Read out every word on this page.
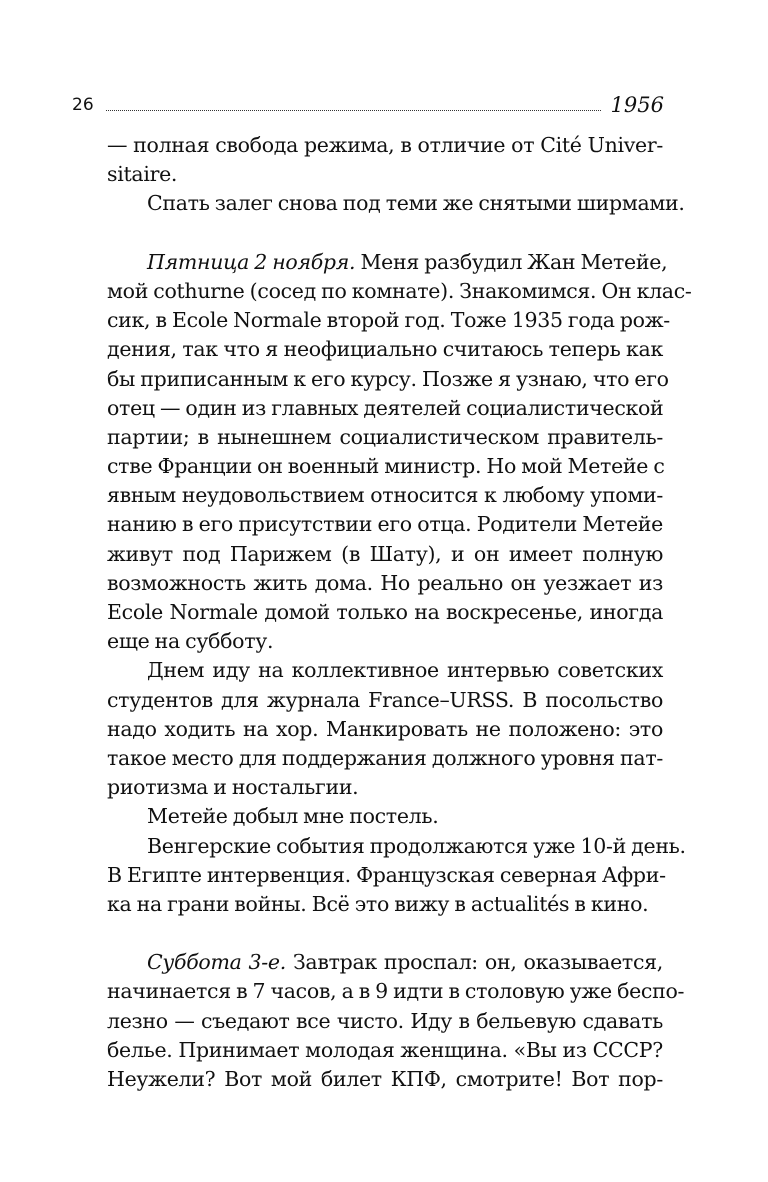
26	1956
— полная свобода режима, в отличие от Cité Univer-
sitaire.
Спать залег снова под теми же снятыми ширмами.
Пятница 2 ноября. Меня разбудил Жан Метейе,
мой cothurne (сосед по комнате). Знакомимся. Он клас-
сик, в Ecole Normale второй год. Тоже 1935 года рож-
дения, так что я неофициально считаюсь теперь как
бы приписанным к его курсу. Позже я узнаю, что его
отец — один из главных деятелей социалистической
партии; в нынешнем социалистическом правитель-
стве Франции он военный министр. Но мой Метейе с
явным неудовольствием относится к любому упоми-
нанию в его присутствии его отца. Родители Метейе
живут под Парижем (в Шату), и он имеет полную
возможность жить дома. Но реально он уезжает из
Ecole Normale домой только на воскресенье, иногда
еще на субботу.
Днем иду на коллективное интервью советских
студентов для журнала France–URSS. В посольство
надо ходить на хор. Манкировать не положено: это
такое место для поддержания должного уровня пат-
риотизма и ностальгии.
Метейе добыл мне постель.
Венгерские события продолжаются уже 10-й день.
В Египте интервенция. Французская северная Афри-
ка на грани войны. Всё это вижу в actualités в кино.
Суббота 3-е. Завтрак проспал: он, оказывается,
начинается в 7 часов, а в 9 идти в столовую уже беспо-
лезно — съедают все чисто. Иду в бельевую сдавать
белье. Принимает молодая женщина. «Вы из СССР?
Неужели? Вот мой билет КПФ, смотрите! Вот пор-
